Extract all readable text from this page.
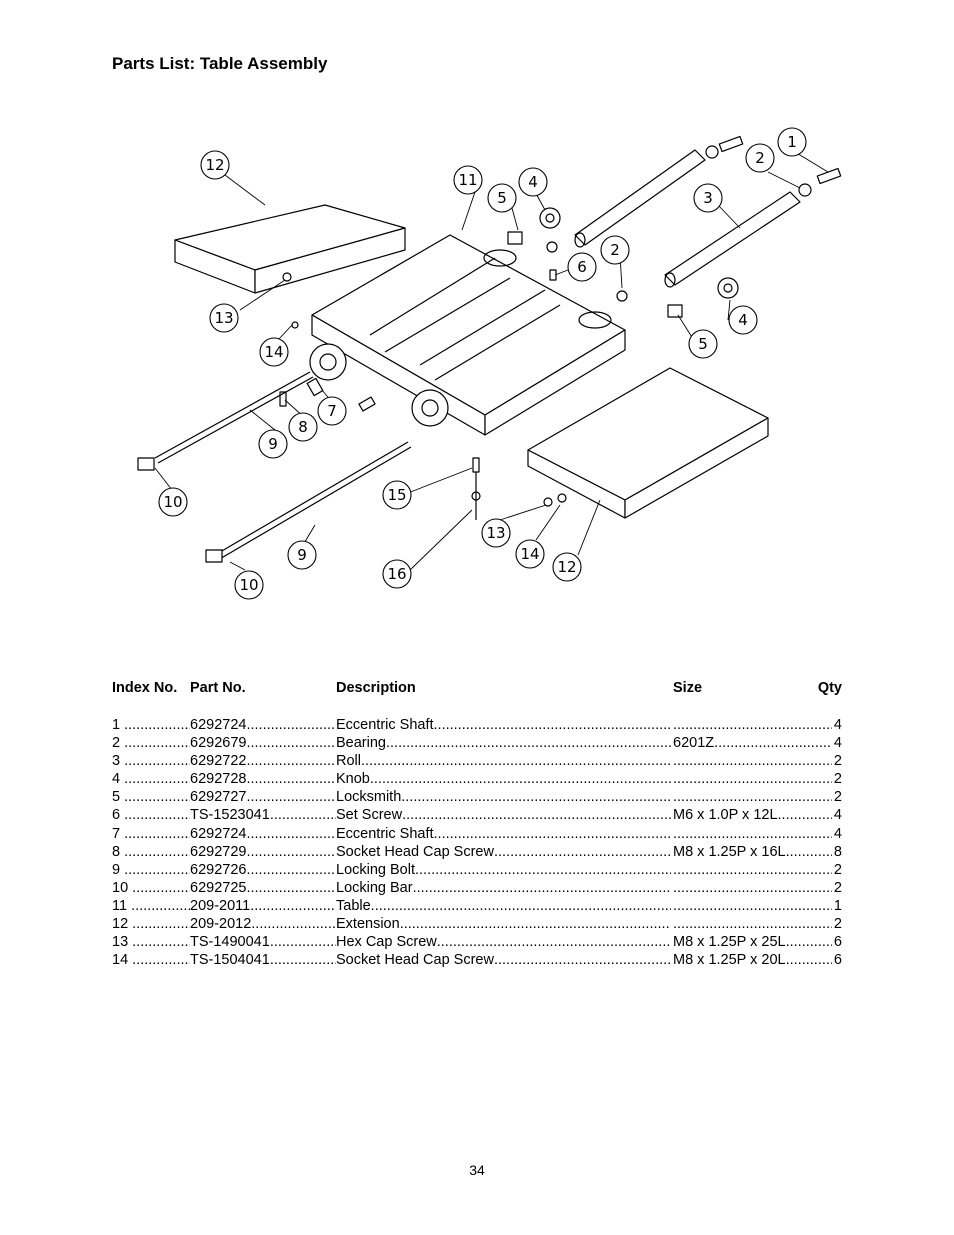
Parts List: Table Assembly
12
11
1
2
3
4
5
6
2
4
5
13
14
7
8
9
10	15
13
14
12
16
9
10
Index No. Part No.	Description	Size	Qty
1 .....	6292724 .....	Eccentric Shaft ..... .....	4
2 .....	6292679 .....	Bearing .....	6201Z .....	4
3 .....	6292722 .....	Roll ..... .....	2
4 .....	6292728 .....	Knob ..... .....	2
5 .....	6292727 .....	Locksmith ..... .....	2
6 .....	TS-1523041 .....	Set Screw .....	M6 x 1.0P x 12L .....	4
7 .....	6292724 .....	Eccentric Shaft ..... .....	4
8 .....	6292729 .....	Socket Head Cap Screw .....	M8 x 1.25P x 16L .....	8
9 .....	6292726 .....	Locking Bolt ..... .....	2
10 .....	6292725 .....	Locking Bar ..... .....	2
11 .....	209-2011 .....	Table ..... .....	1
12 .....	209-2012 .....	Extension ..... .....	2
13 .....	TS-1490041 .....	Hex Cap Screw .....	M8 x 1.25P x 25L .....	6
14 .....	TS-1504041 .....	Socket Head Cap Screw .....	M8 x 1.25P x 20L .....	6
34
